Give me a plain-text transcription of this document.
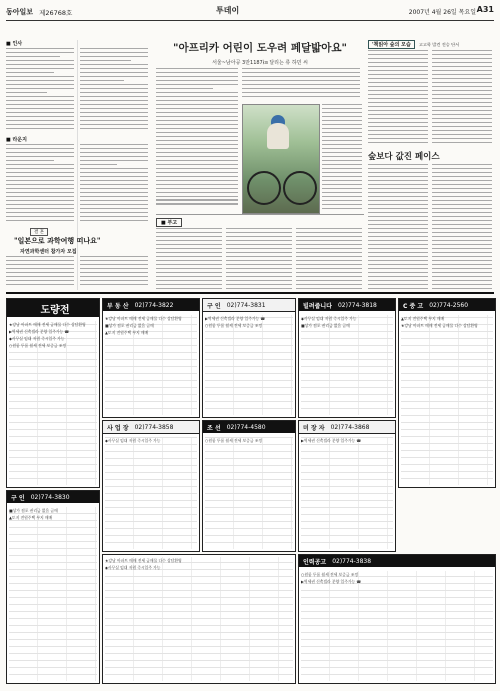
동아일보 제26768호	투데이	2007년 4월 26일 목요일 A31
■ 인사
■ 라운지
결 혼
"일본으로 과학여행 떠나요"
자연과학센터 참가자 모집
"아프리카 어린이 도우려 페달밟아요"
서울~남아공 3만1187㎞ 달리는 류 하민 씨
■ 부고
'책읽아 숲의 모습	고고학 발견 전승 단서
숲보다 값진 페이스
도량전
★강남 아파트 매매 전세 급매물 다수 상담환영
▶역세권 신축빌라 분양 입주가능 ☎
◆사무실 임대 저렴 즉시입주 가능
○원룸 투룸 월세 전세 보증금 조정
부 동 산 02)774-3822
★강남 아파트 매매 전세 급매물 다수 상담환영
■상가 점포 권리금 없음 급매
▲토지 전원주택 부지 매매
구 인 02)774-3831
▶역세권 신축빌라 분양 입주가능 ☎
○원룸 투룸 월세 전세 보증금 조정
빌려줍니다 02)774-3818
◆사무실 임대 저렴 즉시입주 가능
■상가 점포 권리금 없음 급매
C 중 고 02)774-2560
▲토지 전원주택 부지 매매
★강남 아파트 매매 전세 급매물 다수 상담환영
사 업 장 02)774-3858
◆사무실 임대 저렴 즉시입주 가능
조 선 02)774-4580
○원룸 투룸 월세 전세 보증금 조정
미 장 자 02)774-3868
▶역세권 신축빌라 분양 입주가능 ☎
구 인 02)774-3830
■상가 점포 권리금 없음 급매
▲토지 전원주택 부지 매매
★강남 아파트 매매 전세 급매물 다수 상담환영
◆사무실 임대 저렴 즉시입주 가능
인력공고 02)774-3838
○원룸 투룸 월세 전세 보증금 조정
▶역세권 신축빌라 분양 입주가능 ☎
